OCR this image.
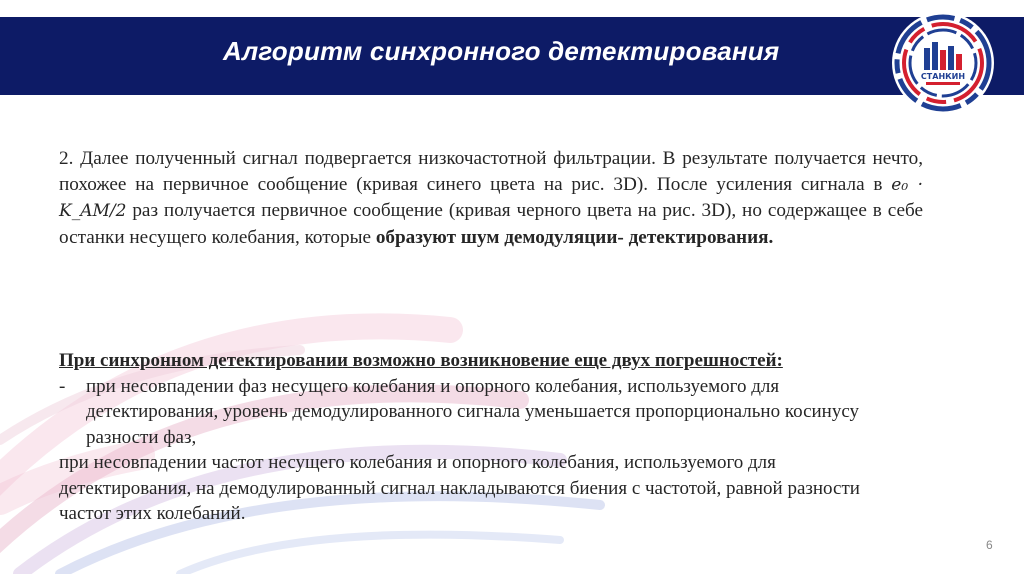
Алгоритм синхронного детектирования
СТАНКИН
2. Далее полученный сигнал подвергается низкочастотной фильтрации. В результате получается нечто, похожее на первичное сообщение (кривая синего цвета на рис. 3D). После усиления сигнала в e₀ · K_AM/2 раз получается первичное сообщение (кривая черного цвета на рис. 3D), но содержащее в себе останки несущего колебания, которые образуют шум демодуляции- детектирования.
При синхронном детектировании возможно возникновение еще двух погрешностей:
- при несовпадении фаз несущего колебания и опорного колебания, используемого для детектирования, уровень демодулированного сигнала уменьшается пропорционально косинусу разности фаз,

при несовпадении частот несущего колебания и опорного колебания, используемого для детектирования, на демодулированный сигнал накладываются биения с частотой, равной разности частот этих колебаний.

6
